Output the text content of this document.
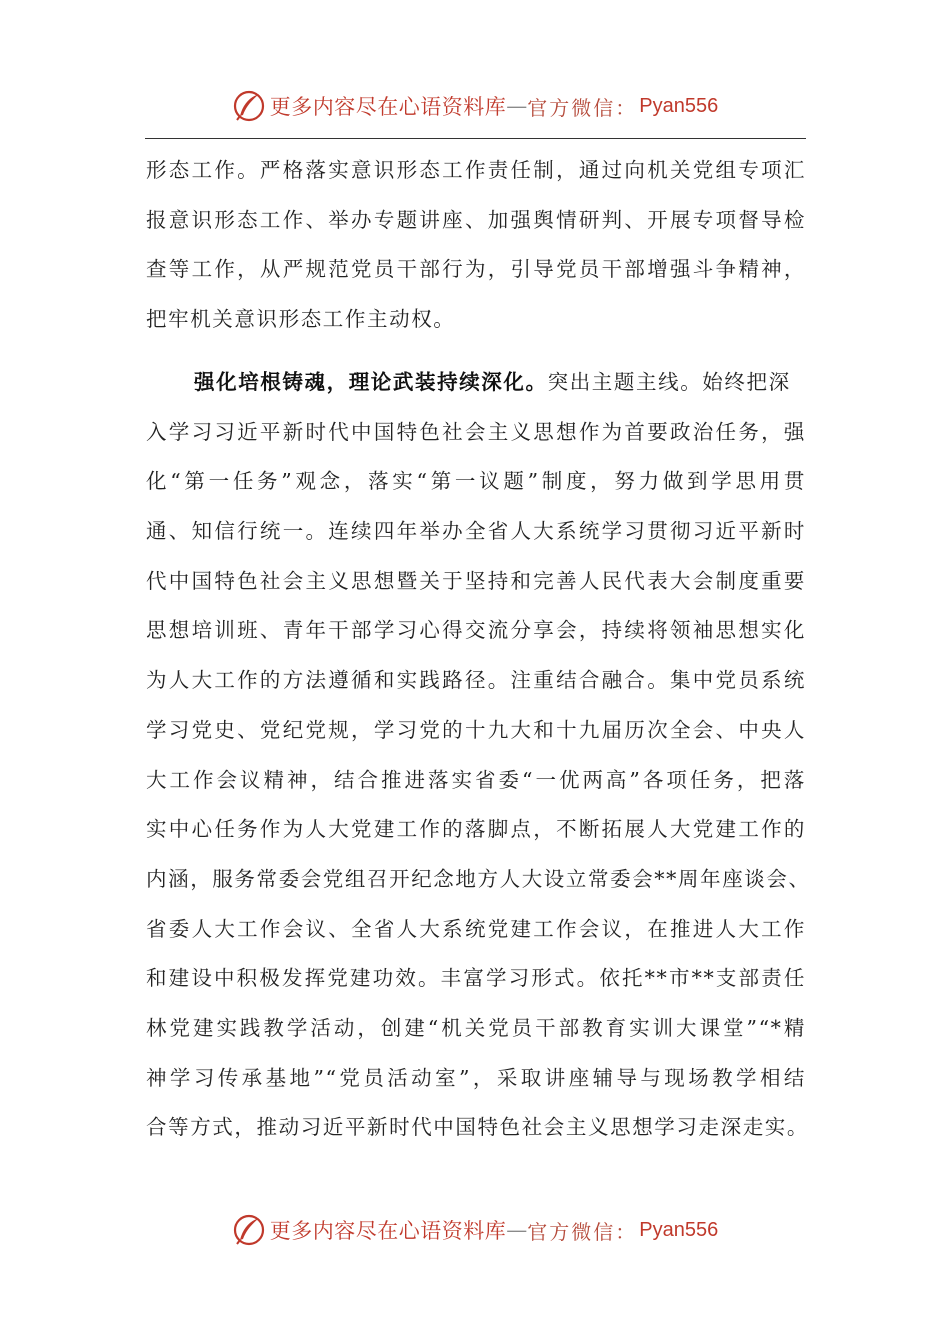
更多内容尽在心语资料库 — 官方微信： Pyan556
形态工作。严格落实意识形态工作责任制，通过向机关党组专项汇
报意识形态工作、举办专题讲座、加强舆情研判、开展专项督导检
查等工作，从严规范党员干部行为，引导党员干部增强斗争精神，
把牢机关意识形态工作主动权。
强化培根铸魂，理论武装持续深化。突出主题主线。始终把深
入学习习近平新时代中国特色社会主义思想作为首要政治任务，强
化“第一任务”观念，落实“第一议题”制度，努力做到学思用贯
通、知信行统一。连续四年举办全省人大系统学习贯彻习近平新时
代中国特色社会主义思想暨关于坚持和完善人民代表大会制度重要
思想培训班、青年干部学习心得交流分享会，持续将领袖思想实化
为人大工作的方法遵循和实践路径。注重结合融合。集中党员系统
学习党史、党纪党规，学习党的十九大和十九届历次全会、中央人
大工作会议精神，结合推进落实省委“一优两高”各项任务，把落
实中心任务作为人大党建工作的落脚点，不断拓展人大党建工作的
内涵，服务常委会党组召开纪念地方人大设立常委会**周年座谈会、
省委人大工作会议、全省人大系统党建工作会议，在推进人大工作
和建设中积极发挥党建功效。丰富学习形式。依托**市**支部责任
林党建实践教学活动，创建“机关党员干部教育实训大课堂”“*精
神学习传承基地”“党员活动室”，采取讲座辅导与现场教学相结
合等方式，推动习近平新时代中国特色社会主义思想学习走深走实。
更多内容尽在心语资料库 — 官方微信： Pyan556
